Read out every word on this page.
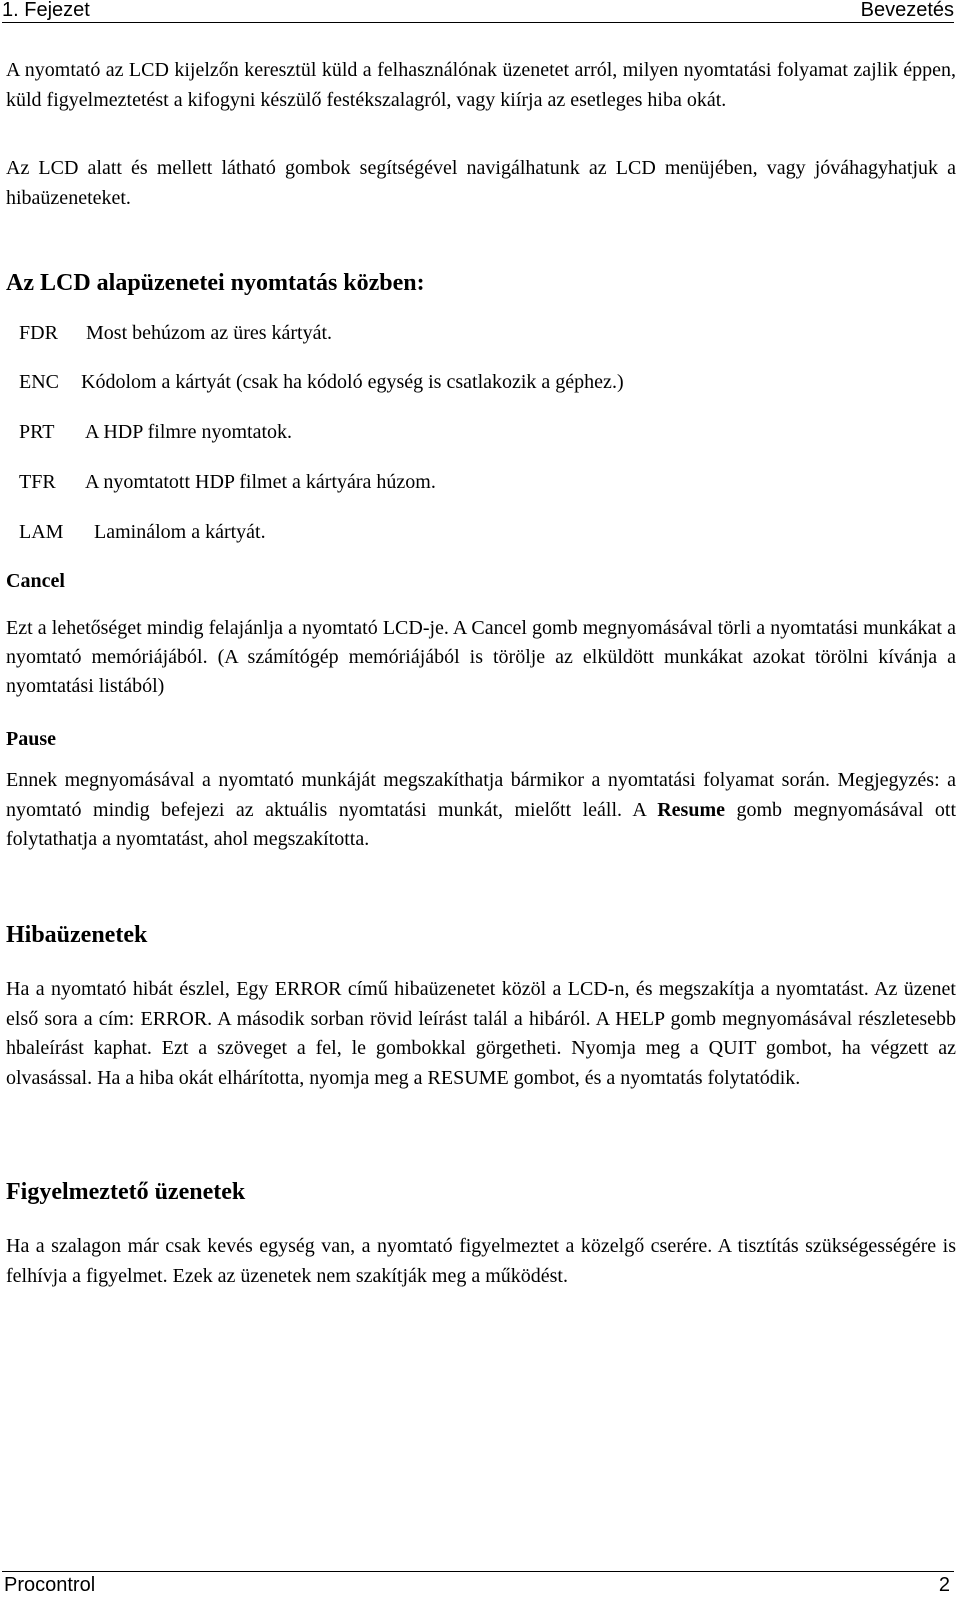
1. Fejezet	Bevezetés

A nyomtató az LCD kijelzőn keresztül küld a felhasználónak üzenetet arról, milyen nyomtatási folyamat zajlik éppen, küld figyelmeztetést a kifogyni készülő festékszalagról, vagy kiírja az esetleges hiba okát.

Az LCD alatt és mellett látható gombok segítségével navigálhatunk az LCD menüjében, vagy jóváhagyhatjuk a hibaüzeneteket.

Az LCD alapüzenetei nyomtatás közben:
FDR Most behúzom az üres kártyát.
ENC Kódolom a kártyát (csak ha kódoló egység is csatlakozik a géphez.)
PRT A HDP filmre nyomtatok.
TFR A nyomtatott HDP filmet a kártyára húzom.
LAM Laminálom a kártyát.
Cancel

Ezt a lehetőséget mindig felajánlja a nyomtató LCD-je. A Cancel gomb megnyomásával törli a nyomtatási munkákat a nyomtató memóriájából. (A számítógép memóriájából is törölje az elküldött munkákat azokat törölni kívánja a nyomtatási listából)

Pause

Ennek megnyomásával a nyomtató munkáját megszakíthatja bármikor a nyomtatási folyamat során. Megjegyzés: a nyomtató mindig befejezi az aktuális nyomtatási munkát, mielőtt leáll. A Resume gomb megnyomásával ott folytathatja a nyomtatást, ahol megszakította.

Hibaüzenetek

Ha a nyomtató hibát észlel, Egy ERROR című hibaüzenetet közöl a LCD-n, és megszakítja a nyomtatást. Az üzenet első sora a cím: ERROR. A második sorban rövid leírást talál a hibáról. A HELP gomb megnyomásával részletesebb hbaleírást kaphat. Ezt a szöveget a fel, le gombokkal görgetheti. Nyomja meg a QUIT gombot, ha végzett az olvasással. Ha a hiba okát elhárította, nyomja meg a RESUME gombot, és a nyomtatás folytatódik.

Figyelmeztető üzenetek

Ha a szalagon már csak kevés egység van, a nyomtató figyelmeztet a közelgő cserére. A tisztítás szükségességére is felhívja a figyelmet. Ezek az üzenetek nem szakítják meg a működést.

Procontrol	2
